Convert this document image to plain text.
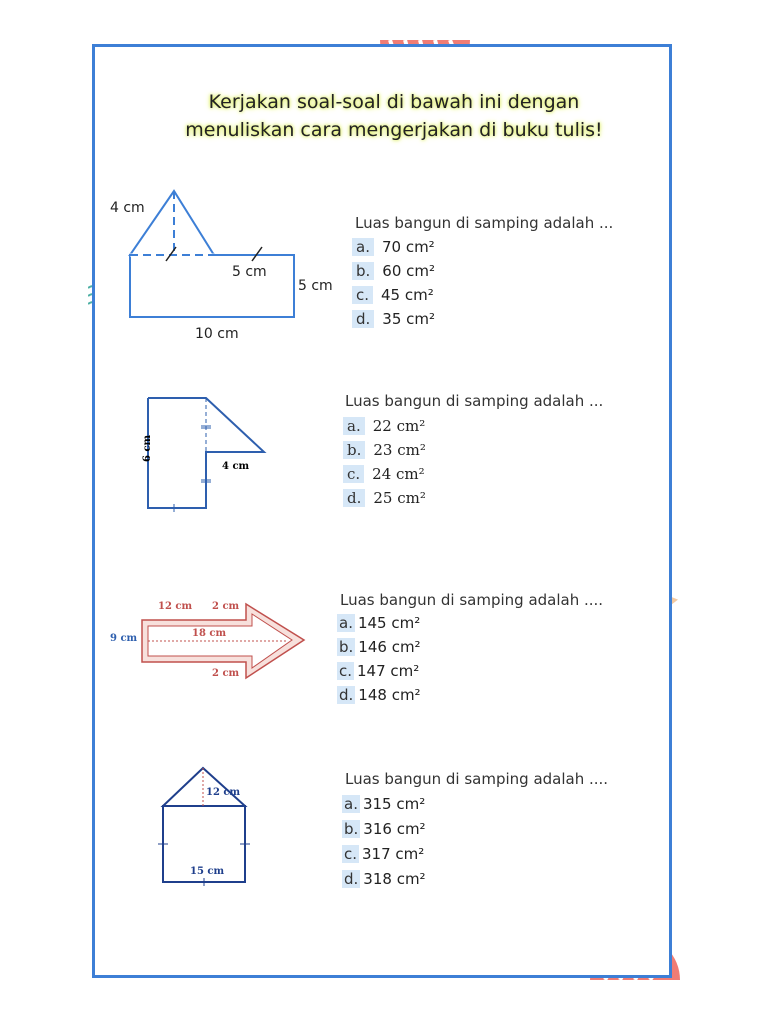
Kerjakan soal-soal di bawah ini dengan
menuliskan cara mengerjakan di buku tulis!
4 cm
5 cm
5 cm
10 cm
Luas bangun di samping adalah ...
a. 70 cm²
b. 60 cm²
c. 45 cm²
d. 35 cm²
6 cm
4 cm
Luas bangun di samping adalah ...
a. 22 cm²
b. 23 cm²
c. 24 cm²
d. 25 cm²
12 cm 2 cm
18 cm
9 cm
2 cm
Luas bangun di samping adalah ....
a. 145 cm²
b. 146 cm²
c. 147 cm²
d. 148 cm²
12 cm
15 cm
Luas bangun di samping adalah ....
a. 315 cm²
b. 316 cm²
c. 317 cm²
d. 318 cm²
